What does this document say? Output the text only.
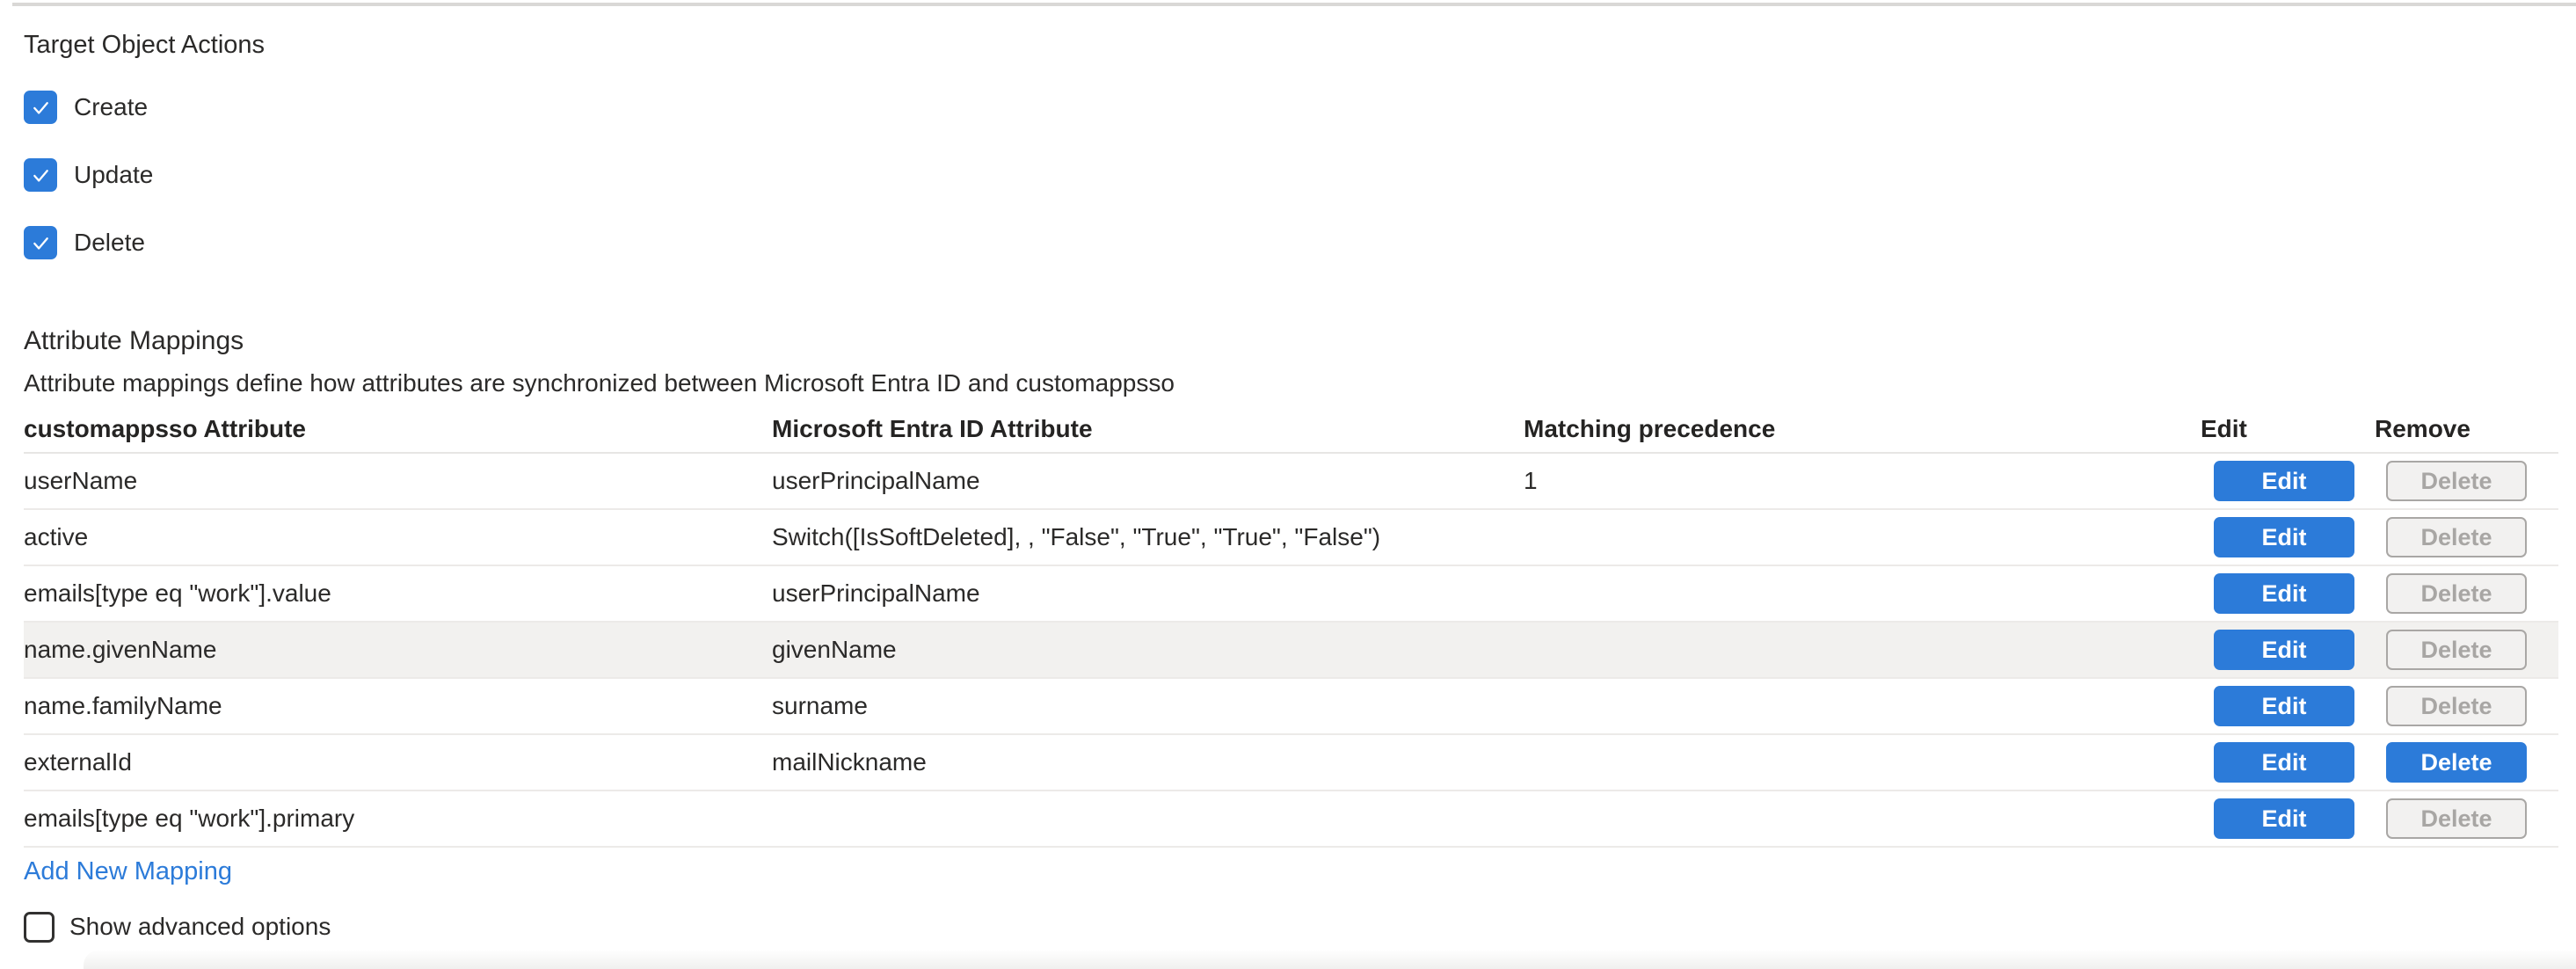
Target Object Actions
Create
Update
Delete
Attribute Mappings

Attribute mappings define how attributes are synchronized between Microsoft Entra ID and customappsso

customappsso Attribute	Microsoft Entra ID Attribute	Matching precedence	Edit	Remove
userName	userPrincipalName	1	Edit	Delete

active	Switch([IsSoftDeleted], , "False", "True", "True", "False")		Edit	Delete

emails[type eq "work"].value	userPrincipalName		Edit	Delete

name.givenName	givenName		Edit	Delete

name.familyName	surname		Edit	Delete

externalId	mailNickname		Edit	Delete

emails[type eq "work"].primary			Edit	Delete
Add New Mapping
Show advanced options
